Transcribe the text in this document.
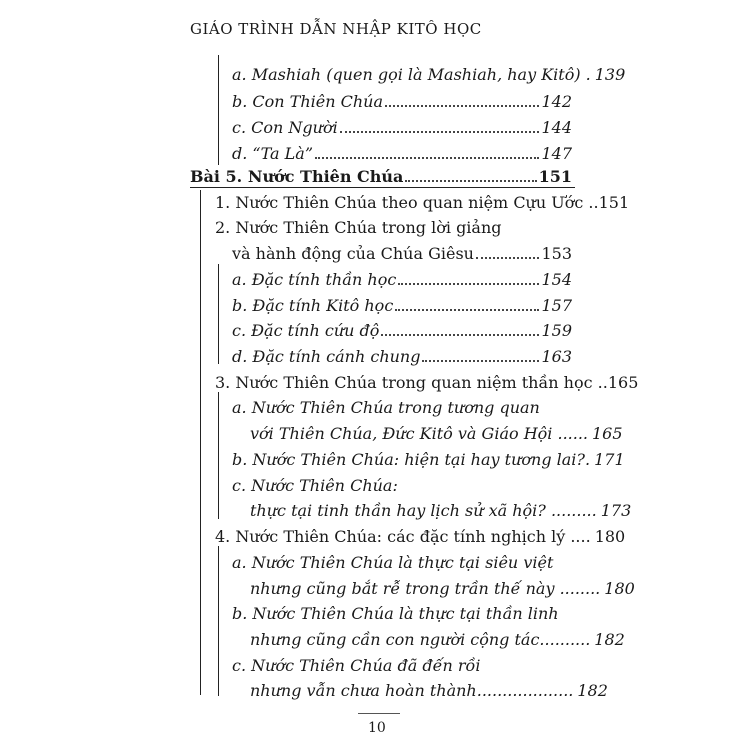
GIÁO TRÌNH DẪN NHẬP KITÔ HỌC
a. Mashiah (quen gọi là Mashiah, hay Kitô) . 139
b. Con Thiên Chúa	142
c. Con Người	144
d. “Ta Là”	147
Bài 5. Nước Thiên Chúa	151
1. Nước Thiên Chúa theo quan niệm Cựu Ước .. 151
2. Nước Thiên Chúa trong lời giảng
và hành động của Chúa Giêsu	153
a. Đặc tính thần học	154
b. Đặc tính Kitô học	157
c. Đặc tính cứu độ	159
d. Đặc tính cánh chung	163
3. Nước Thiên Chúa trong quan niệm thần học .. 165
a. Nước Thiên Chúa trong tương quan
với Thiên Chúa, Đức Kitô và Giáo Hội ...... 165
b. Nước Thiên Chúa: hiện tại hay tương lai?. 171
c. Nước Thiên Chúa:
thực tại tinh thần hay lịch sử xã hội? ......... 173
4. Nước Thiên Chúa: các đặc tính nghịch lý .... 180
a. Nước Thiên Chúa là thực tại siêu việt
nhưng cũng bắt rễ trong trần thế này ........ 180
b. Nước Thiên Chúa là thực tại thần linh
nhưng cũng cần con người cộng tác.......... 182
c. Nước Thiên Chúa đã đến rồi
nhưng vẫn chưa hoàn thành................... 182
10
